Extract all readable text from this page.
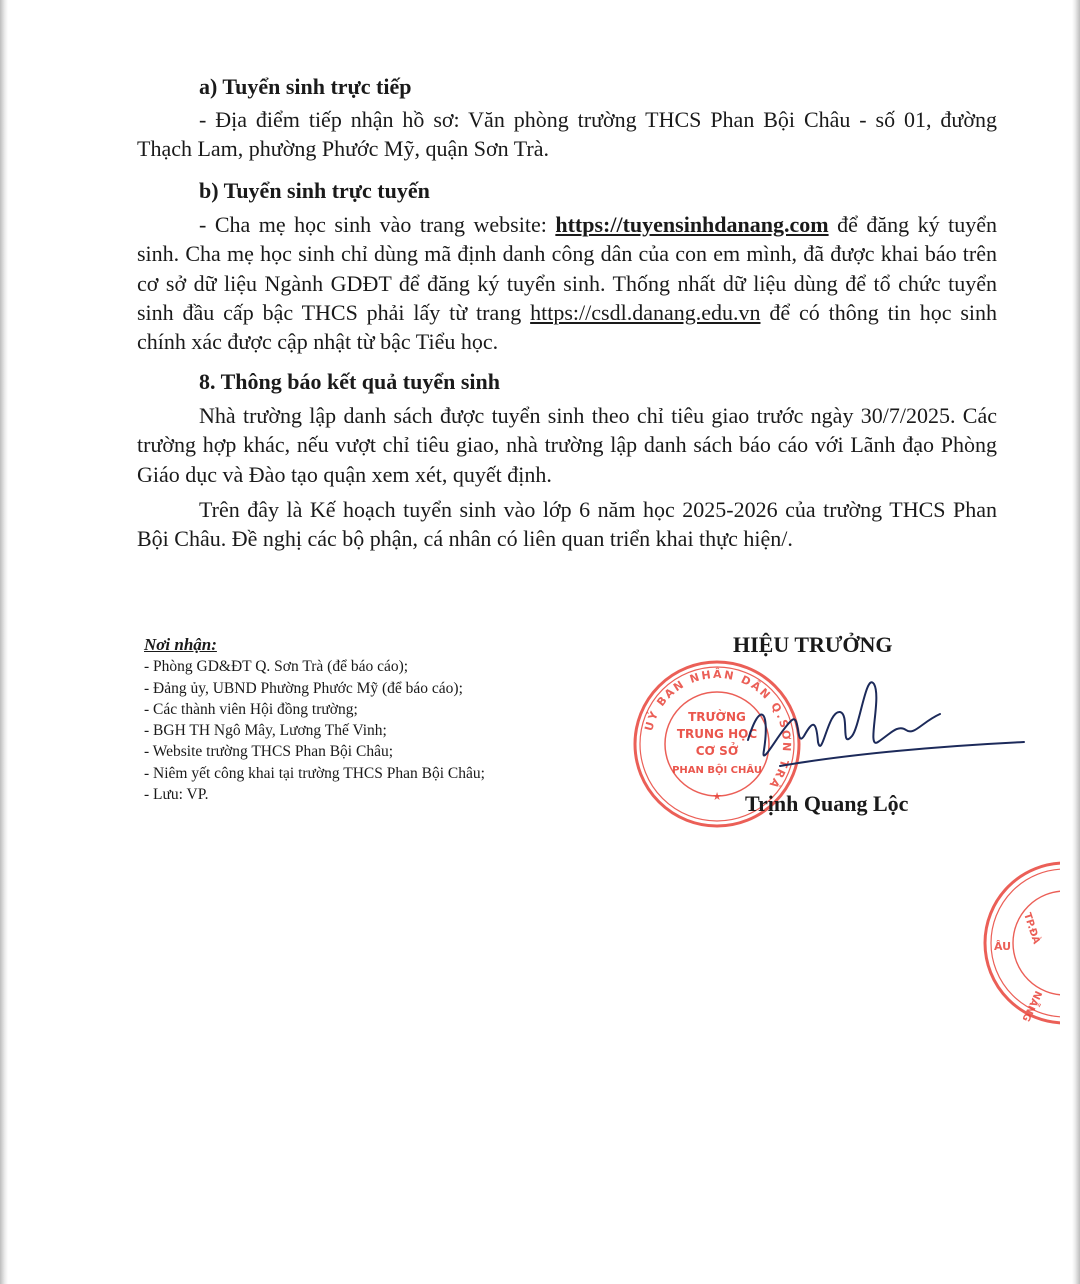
a) Tuyển sinh trực tiếp

- Địa điểm tiếp nhận hồ sơ: Văn phòng trường THCS Phan Bội Châu - số 01, đường Thạch Lam, phường Phước Mỹ, quận Sơn Trà.

b) Tuyển sinh trực tuyến

- Cha mẹ học sinh vào trang website: https://tuyensinhdanang.com để đăng ký tuyển sinh. Cha mẹ học sinh chỉ dùng mã định danh công dân của con em mình, đã được khai báo trên cơ sở dữ liệu Ngành GDĐT để đăng ký tuyển sinh. Thống nhất dữ liệu dùng để tổ chức tuyển sinh đầu cấp bậc THCS phải lấy từ trang https://csdl.danang.edu.vn để có thông tin học sinh chính xác được cập nhật từ bậc Tiểu học.

8. Thông báo kết quả tuyển sinh

Nhà trường lập danh sách được tuyển sinh theo chỉ tiêu giao trước ngày 30/7/2025. Các trường hợp khác, nếu vượt chỉ tiêu giao, nhà trường lập danh sách báo cáo với Lãnh đạo Phòng Giáo dục và Đào tạo quận xem xét, quyết định.

Trên đây là Kế hoạch tuyển sinh vào lớp 6 năm học 2025-2026 của trường THCS Phan Bội Châu. Đề nghị các bộ phận, cá nhân có liên quan triển khai thực hiện/.

Nơi nhận:
- Phòng GD&ĐT Q. Sơn Trà (để báo cáo);
- Đảng ủy, UBND Phường Phước Mỹ (để báo cáo);
- Các thành viên Hội đồng trường;
- BGH TH Ngô Mây, Lương Thế Vinh;
- Website trường THCS Phan Bội Châu;
- Niêm yết công khai tại trường THCS Phan Bội Châu;
- Lưu: VP.
HIỆU TRƯỞNG
UỶ BAN NHÂN DÂN Q.SƠN TRÀ
★
TRƯỜNG
TRUNG HỌC
CƠ SỞ
PHAN BỘI CHÂU
Trịnh Quang Lộc
TP.ĐÀ
NẴNG
ÂU
